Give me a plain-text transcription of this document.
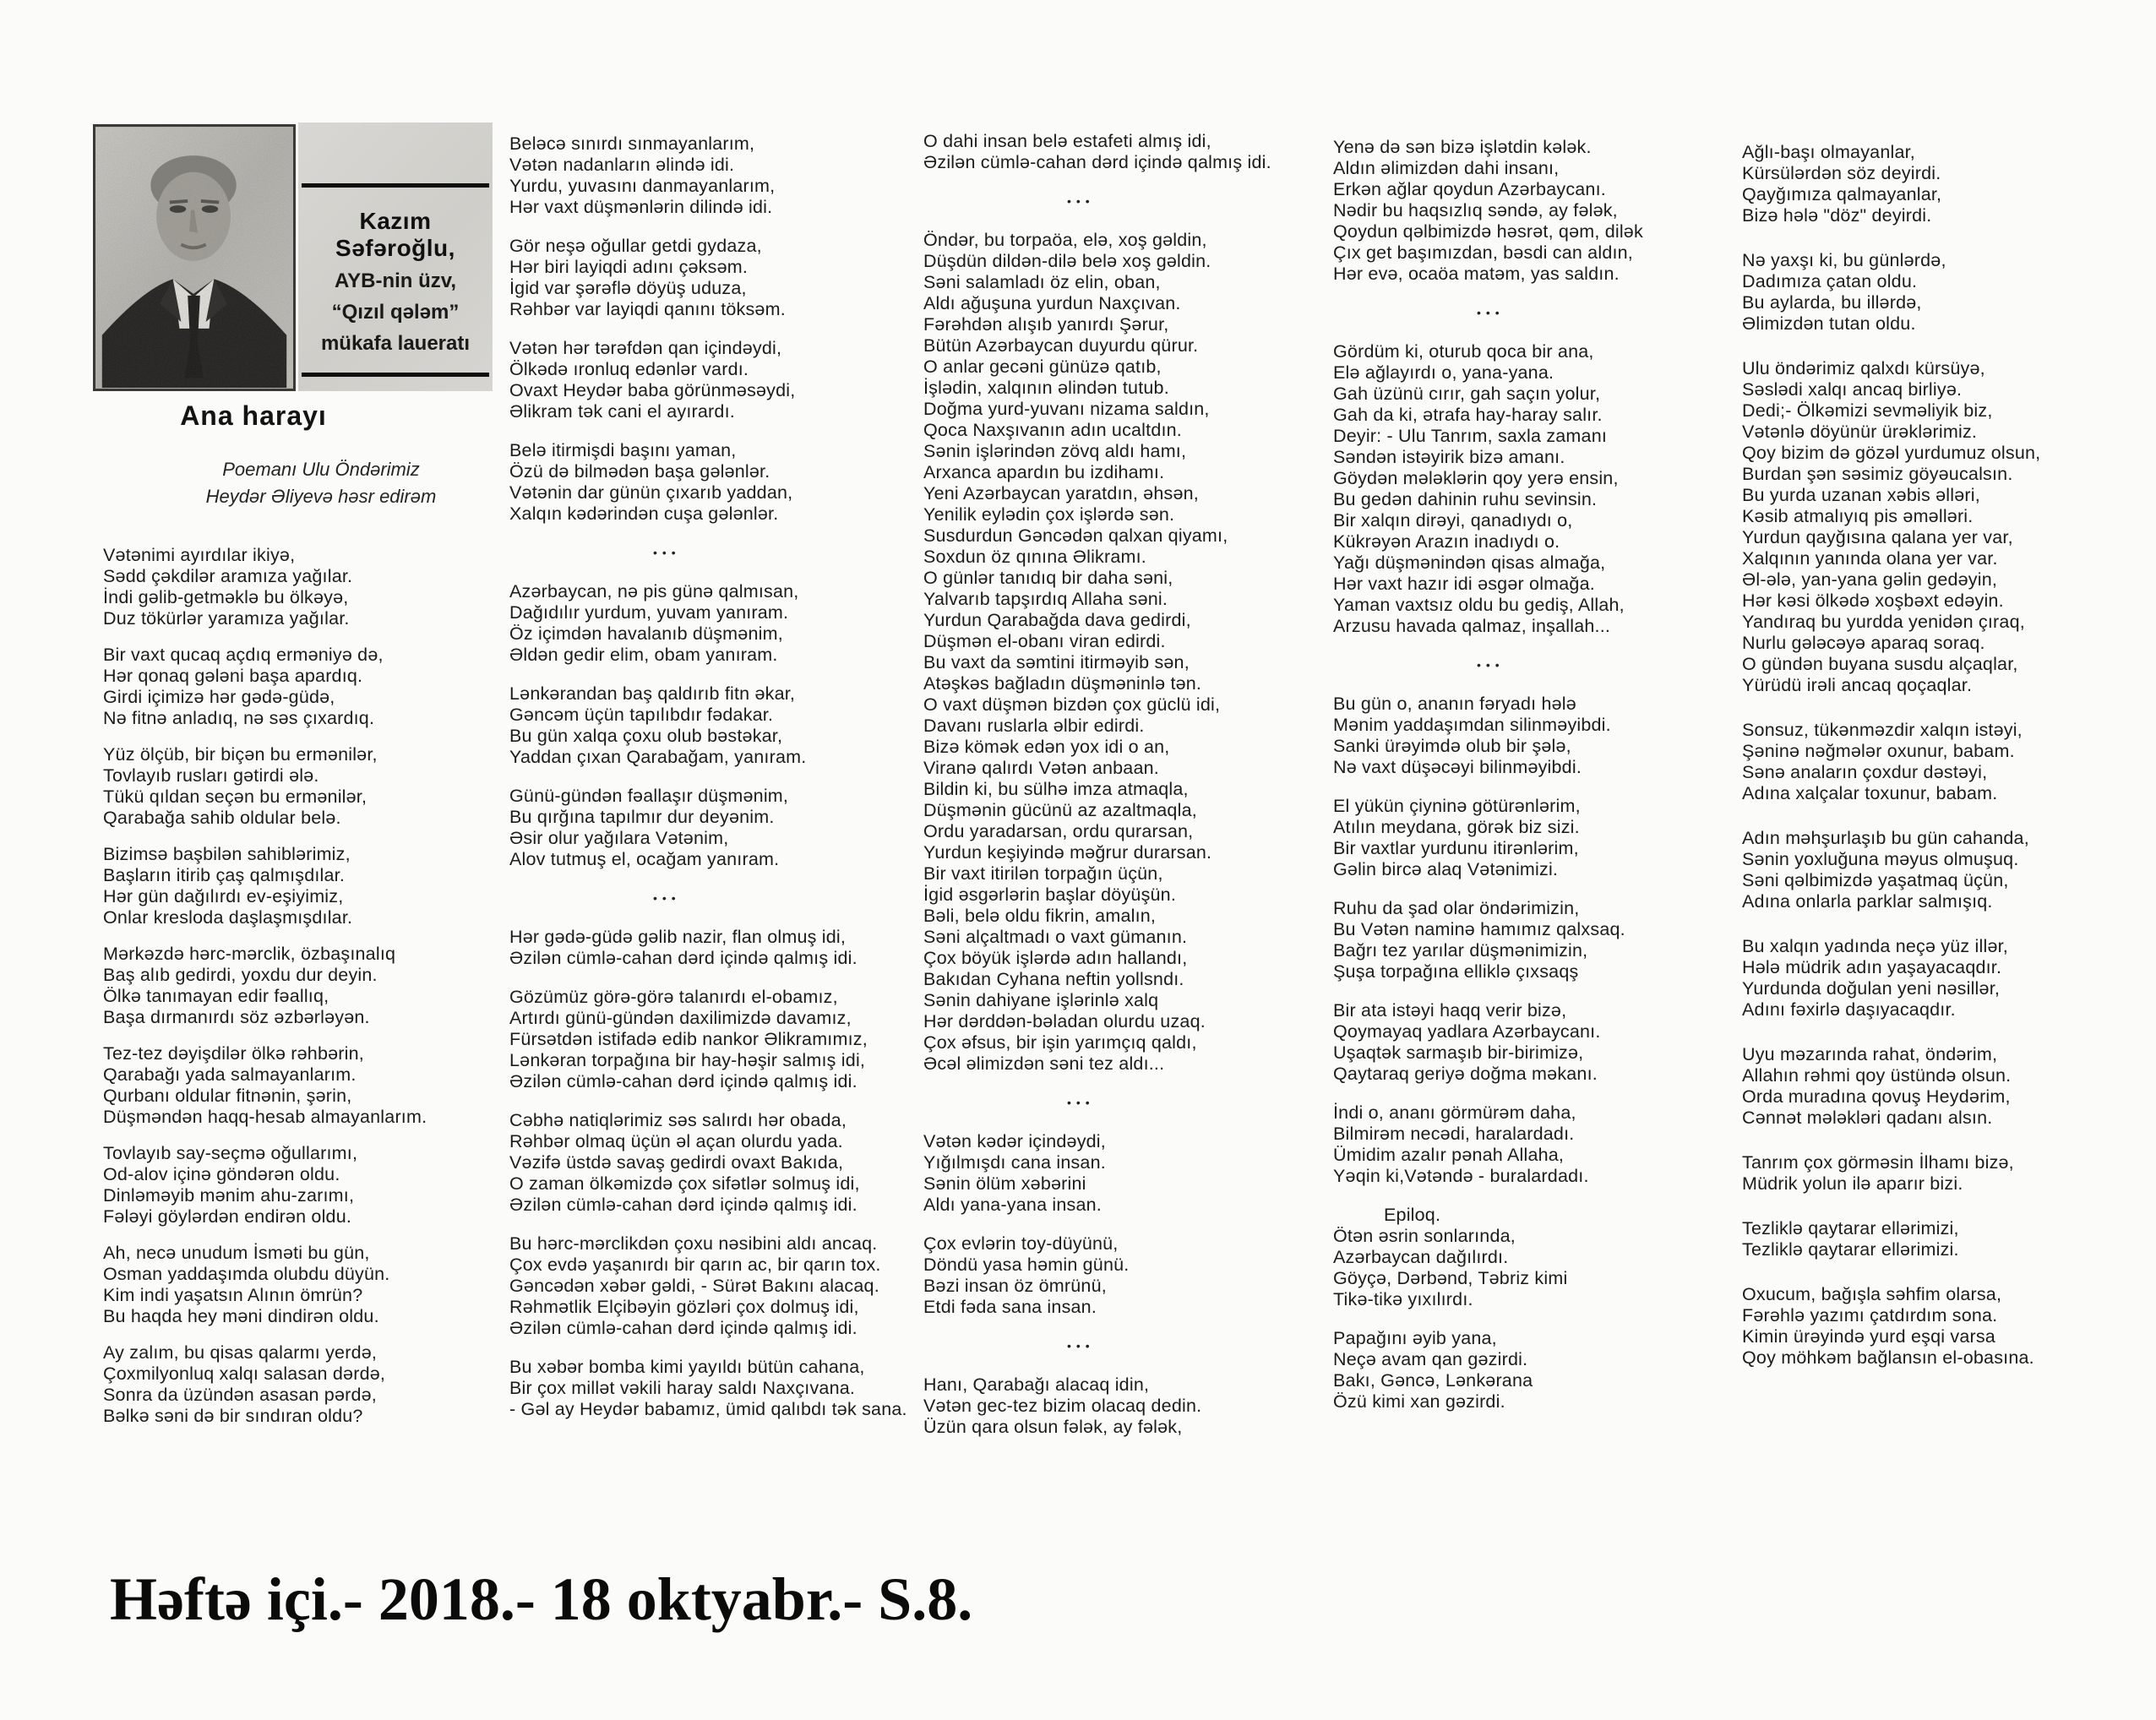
Kazım Səfəroğlu,
AYB-nin üzv,
“Qızıl qələm”
mükafa laueratı
Ana harayı
Poemanı Ulu Öndərimiz
Heydər Əliyevə həsr edirəm
Vətənimi ayırdılar ikiyə,
Sədd çəkdilər aramıza yağılar.
İndi gəlib-getməklə bu ölkəyə,
Duz tökürlər yaramıza yağılar.
Bir vaxt qucaq açdıq erməniyə də,
Hər qonaq gələni başa apardıq.
Girdi içimizə hər gədə-güdə,
Nə fitnə anladıq, nə səs çıxardıq.
Yüz ölçüb, bir biçən bu ermənilər,
Tovlayıb rusları gətirdi ələ.
Tükü qıldan seçən bu ermənilər,
Qarabağa sahib oldular belə.
Bizimsə başbilən sahiblərimiz,
Başların itirib çaş qalmışdılar.
Hər gün dağılırdı ev-eşiyimiz,
Onlar kresloda daşlaşmışdılar.
Mərkəzdə hərc-mərclik, özbaşınalıq
Baş alıb gedirdi, yoxdu dur deyin.
Ölkə tanımayan edir fəallıq,
Başa dırmanırdı söz əzbərləyən.
Tez-tez dəyişdilər ölkə rəhbərin,
Qarabağı yada salmayanlarım.
Qurbanı oldular fitnənin, şərin,
Düşməndən haqq-hesab almayanlarım.
Tovlayıb say-seçmə oğullarımı,
Od-alov içinə göndərən oldu.
Dinləməyib mənim ahu-zarımı,
Fələyi göylərdən endirən oldu.
Ah, necə unudum İsməti bu gün,
Osman yaddaşımda olubdu düyün.
Kim indi yaşatsın Alının ömrün?
Bu haqda hey məni dindirən oldu.
Ay zalım, bu qisas qalarmı yerdə,
Çoxmilyonluq xalqı salasan dərdə,
Sonra da üzündən asasan pərdə,
Bəlkə səni də bir sındıran oldu?
Beləcə sınırdı sınmayanlarım,
Vətən nadanların əlində idi.
Yurdu, yuvasını danmayanlarım,
Hər vaxt düşmənlərin dilində idi.
Gör neşə oğullar getdi gydaza,
Hər biri layiqdi adını çəksəm.
İgid var şərəflə döyüş uduza,
Rəhbər var layiqdi qanını töksəm.
Vətən hər tərəfdən qan içindəydi,
Ölkədə ıronluq edənlər vardı.
Ovaxt Heydər baba görünməsəydi,
Əlikram tək cani el ayırardı.
Belə itirmişdi başını yaman,
Özü də bilmədən başa gələnlər.
Vətənin dar günün çıxarıb yaddan,
Xalqın kədərindən cuşa gələnlər.
•••
Azərbaycan, nə pis günə qalmısan,
Dağıdılır yurdum, yuvam yanıram.
Öz içimdən havalanıb düşmənim,
Əldən gedir elim, obam yanıram.
Lənkərandan baş qaldırıb fitn əkar,
Gəncəm üçün tapılıbdır fədakar.
Bu gün xalqa çoxu olub bəstəkar,
Yaddan çıxan Qarabağam, yanıram.
Günü-gündən fəallaşır düşmənim,
Bu qırğına tapılmır dur deyənim.
Əsir olur yağılara Vətənim,
Alov tutmuş el, ocağam yanıram.
•••
Hər gədə-güdə gəlib nazir, flan olmuş idi,
Əzilən cümlə-cahan dərd içində qalmış idi.
Gözümüz görə-görə talanırdı el-obamız,
Artırdı günü-gündən daxilimizdə davamız,
Fürsətdən istifadə edib nankor Əlikramımız,
Lənkəran torpağına bir hay-həşir salmış idi,
Əzilən cümlə-cahan dərd içində qalmış idi.
Cəbhə natiqlərimiz səs salırdı hər obada,
Rəhbər olmaq üçün əl açan olurdu yada.
Vəzifə üstdə savaş gedirdi ovaxt Bakıda,
O zaman ölkəmizdə çox sifətlər solmuş idi,
Əzilən cümlə-cahan dərd içində qalmış idi.
Bu hərc-mərclikdən çoxu nəsibini aldı ancaq.
Çox evdə yaşanırdı bir qarın ac, bir qarın tox.
Gəncədən xəbər gəldi, - Sürət Bakını alacaq.
Rəhmətlik Elçibəyin gözləri çox dolmuş idi,
Əzilən cümlə-cahan dərd içində qalmış idi.
Bu xəbər bomba kimi yayıldı bütün cahana,
Bir çox millət vəkili haray saldı Naxçıvana.
- Gəl ay Heydər babamız, ümid qalıbdı tək sana.
O dahi insan belə estafeti almış idi,
Əzilən cümlə-cahan dərd içində qalmış idi.
•••
Öndər, bu torpaöa, elə, xoş gəldin,
Düşdün dildən-dilə belə xoş gəldin.
Səni salamladı öz elin, oban,
Aldı ağuşuna yurdun Naxçıvan.
Fərəhdən alışıb yanırdı Şərur,
Bütün Azərbaycan duyurdu qürur.
O anlar gecəni günüzə qatıb,
İşlədin, xalqının əlindən tutub.
Doğma yurd-yuvanı nizama saldın,
Qoca Naxşıvanın adın ucaltdın.
Sənin işlərindən zövq aldı hamı,
Arxanca apardın bu izdihamı.
Yeni Azərbaycan yaratdın, əhsən,
Yenilik eylədin çox işlərdə sən.
Susdurdun Gəncədən qalxan qiyamı,
Soxdun öz qınına Əlikramı.
O günlər tanıdıq bir daha səni,
Yalvarıb tapşırdıq Allaha səni.
Yurdun Qarabağda dava gedirdi,
Düşmən el-obanı viran edirdi.
Bu vaxt da səmtini itirməyib sən,
Atəşkəs bağladın düşməninlə tən.
O vaxt düşmən bizdən çox güclü idi,
Davanı ruslarla əlbir edirdi.
Bizə kömək edən yox idi o an,
Viranə qalırdı Vətən anbaan.
Bildin ki, bu sülhə imza atmaqla,
Düşmənin gücünü az azaltmaqla,
Ordu yaradarsan, ordu qurarsan,
Yurdun keşiyində məğrur durarsan.
Bir vaxt itirilən torpağın üçün,
İgid əsgərlərin başlar döyüşün.
Bəli, belə oldu fikrin, amalın,
Səni alçaltmadı o vaxt gümanın.
Çox böyük işlərdə adın hallandı,
Bakıdan Cyhana neftin yollsndı.
Sənin dahiyane işlərinlə xalq
Hər dərddən-bəladan olurdu uzaq.
Çox əfsus, bir işin yarımçıq qaldı,
Əcəl əlimizdən səni tez aldı...
•••
Vətən kədər içindəydi,
Yığılmışdı cana insan.
Sənin ölüm xəbərini
Aldı yana-yana insan.
Çox evlərin toy-düyünü,
Döndü yasa həmin günü.
Bəzi insan öz ömrünü,
Etdi fəda sana insan.
•••
Hanı, Qarabağı alacaq idin,
Vətən gec-tez bizim olacaq dedin.
Üzün qara olsun fələk, ay fələk,
Yenə də sən bizə işlətdin kələk.
Aldın əlimizdən dahi insanı,
Erkən ağlar qoydun Azərbaycanı.
Nədir bu haqsızlıq səndə, ay fələk,
Qoydun qəlbimizdə həsrət, qəm, dilək
Çıx get başımızdan, bəsdi can aldın,
Hər evə, ocaöa matəm, yas saldın.
•••
Gördüm ki, oturub qoca bir ana,
Elə ağlayırdı o, yana-yana.
Gah üzünü cırır, gah saçın yolur,
Gah da ki, ətrafa hay-haray salır.
Deyir: - Ulu Tanrım, saxla zamanı
Səndən istəyirik bizə amanı.
Göydən mələklərin qoy yerə ensin,
Bu gedən dahinin ruhu sevinsin.
Bir xalqın dirəyi, qanadıydı o,
Kükrəyən Arazın inadıydı o.
Yağı düşmənindən qisas almağa,
Hər vaxt hazır idi əsgər olmağa.
Yaman vaxtsız oldu bu gediş, Allah,
Arzusu havada qalmaz, inşallah...
•••
Bu gün o, ananın fəryadı hələ
Mənim yaddaşımdan silinməyibdi.
Sanki ürəyimdə olub bir şələ,
Nə vaxt düşəcəyi bilinməyibdi.
El yükün çiyninə götürənlərim,
Atılın meydana, görək biz sizi.
Bir vaxtlar yurdunu itirənlərim,
Gəlin bircə alaq Vətənimizi.
Ruhu da şad olar öndərimizin,
Bu Vətən naminə hamımız qalxsaq.
Bağrı tez yarılar düşmənimizin,
Şuşa torpağına elliklə çıxsaqş
Bir ata istəyi haqq verir bizə,
Qoymayaq yadlara Azərbaycanı.
Uşaqtək sarmaşıb bir-birimizə,
Qaytaraq geriyə doğma məkanı.
İndi o, ananı görmürəm daha,
Bilmirəm necədi, haralardadı.
Ümidim azalır pənah Allaha,
Yəqin ki,Vətəndə - buralardadı.
Epiloq.
Ötən əsrin sonlarında,
Azərbaycan dağılırdı.
Göyçə, Dərbənd, Təbriz kimi
Tikə-tikə yıxılırdı.
Papağını əyib yana,
Neçə avam qan gəzirdi.
Bakı, Gəncə, Lənkərana
Özü kimi xan gəzirdi.
Ağlı-başı olmayanlar,
Kürsülərdən söz deyirdi.
Qayğımıza qalmayanlar,
Bizə hələ "döz" deyirdi.
Nə yaxşı ki, bu günlərdə,
Dadımıza çatan oldu.
Bu aylarda, bu illərdə,
Əlimizdən tutan oldu.
Ulu öndərimiz qalxdı kürsüyə,
Səslədi xalqı ancaq birliyə.
Dedi;- Ölkəmizi sevməliyik biz,
Vətənlə döyünür ürəklərimiz.
Qoy bizim də gözəl yurdumuz olsun,
Burdan şən səsimiz göyəucalsın.
Bu yurda uzanan xəbis əlləri,
Kəsib atmalıyıq pis əməlləri.
Yurdun qayğısına qalana yer var,
Xalqının yanında olana yer var.
Əl-ələ, yan-yana gəlin gedəyin,
Hər kəsi ölkədə xoşbəxt edəyin.
Yandıraq bu yurdda yenidən çıraq,
Nurlu gələcəyə aparaq soraq.
O gündən buyana susdu alçaqlar,
Yürüdü irəli ancaq qoçaqlar.
Sonsuz, tükənməzdir xalqın istəyi,
Şəninə nəğmələr oxunur, babam.
Sənə anaların çoxdur dəstəyi,
Adına xalçalar toxunur, babam.
Adın məhşurlaşıb bu gün cahanda,
Sənin yoxluğuna məyus olmuşuq.
Səni qəlbimizdə yaşatmaq üçün,
Adına onlarla parklar salmışıq.
Bu xalqın yadında neçə yüz illər,
Hələ müdrik adın yaşayacaqdır.
Yurdunda doğulan yeni nəsillər,
Adını fəxirlə daşıyacaqdır.
Uyu məzarında rahat, öndərim,
Allahın rəhmi qoy üstündə olsun.
Orda muradına qovuş Heydərim,
Cənnət mələkləri qadanı alsın.
Tanrım çox görməsin İlhamı bizə,
Müdrik yolun ilə aparır bizi.
Tezliklə qaytarar ellərimizi,
Tezliklə qaytarar ellərimizi.
Oxucum, bağışla səhfim olarsa,
Fərəhlə yazımı çatdırdım sona.
Kimin ürəyində yurd eşqi varsa
Qoy möhkəm bağlansın el-obasına.
Həftə içi.- 2018.- 18 oktyabr.- S.8.
